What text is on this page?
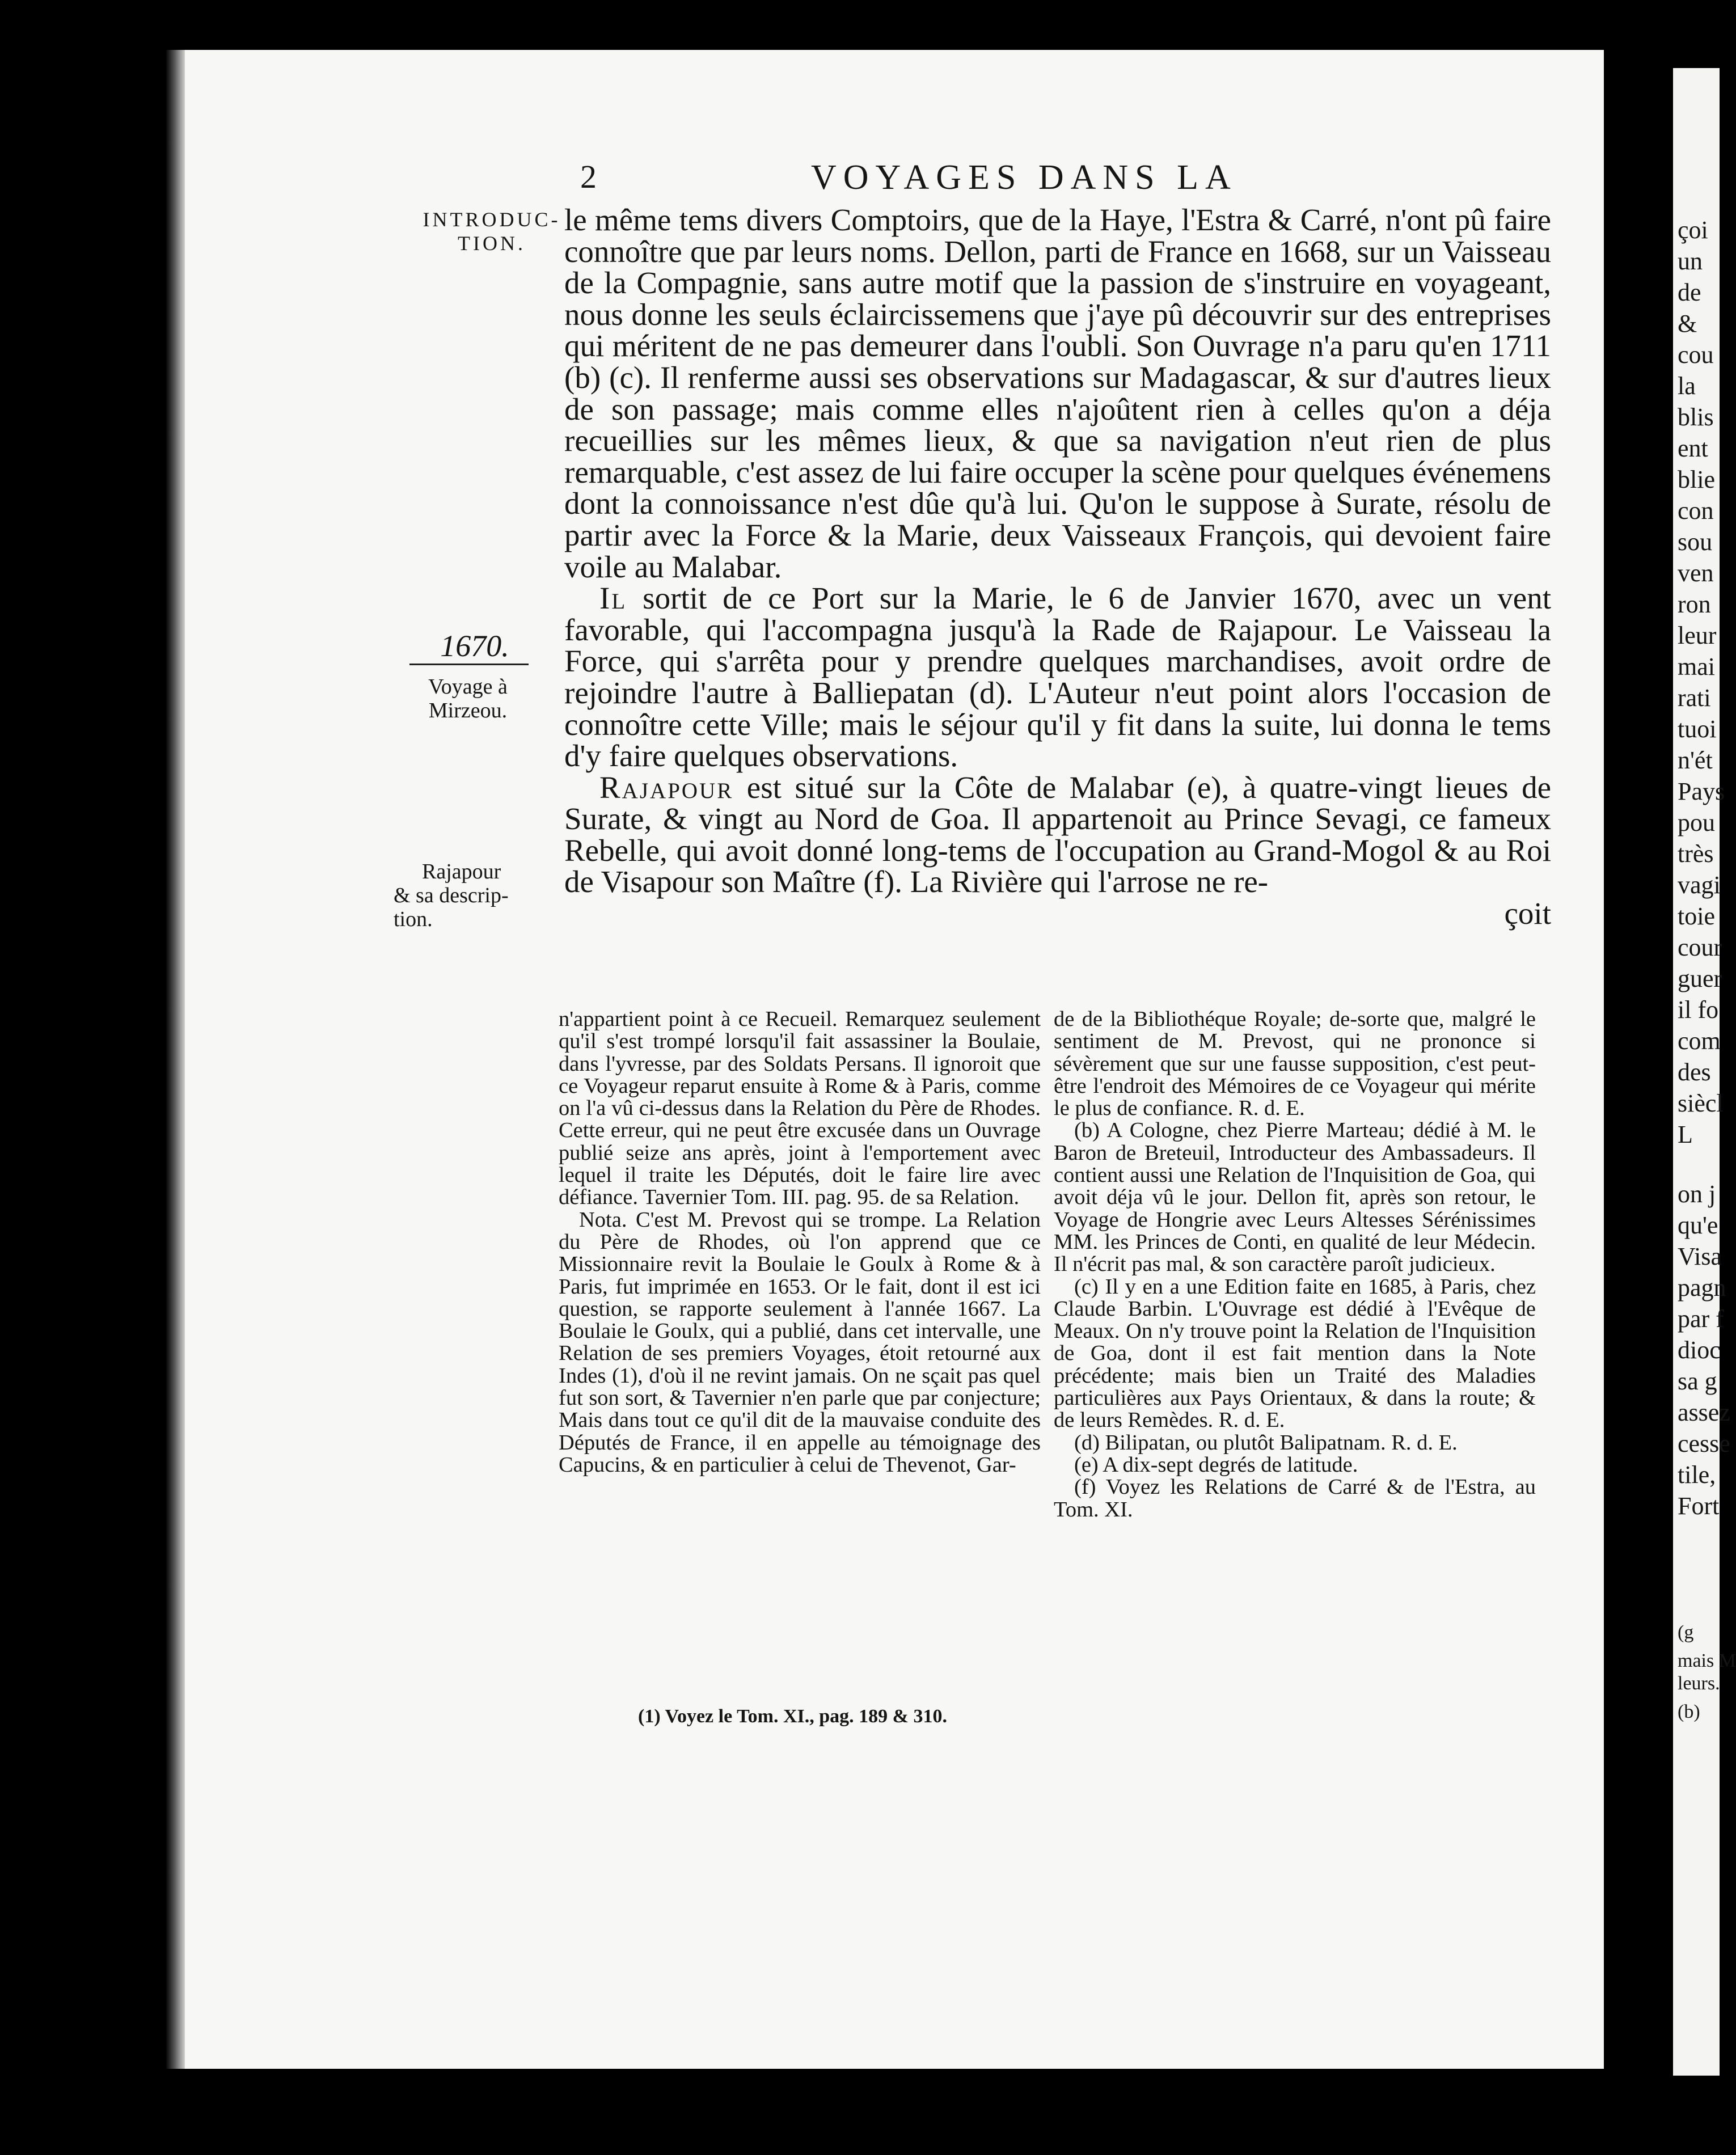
çoi
un
de
&
cou
la
blis
ent
blie
con
sou
ven
ron
leur
mai
rati
tuoi
n'ét
Pays
pou
très
vagi
toie
cour
guer
il fo
com
des
siècl
L
on j
qu'e
Visa
pagn
par f
dioc
sa g
assez
cesse
tile,
Fort
(g
mais M
leurs.
(b)
2	VOYAGES DANS LA
INTRODUC-
TION.
1670.
Voyage à
Mirzeou.
Rajapour
& sa descrip-
tion.

le même tems divers Comptoirs, que de la Haye, l'Estra & Carré, n'ont pû faire connoître que par leurs noms. Dellon, parti de France en 1668, sur un Vaisseau de la Compagnie, sans autre motif que la passion de s'instruire en voyageant, nous donne les seuls éclaircissemens que j'aye pû découvrir sur des entreprises qui méritent de ne pas demeurer dans l'oubli. Son Ouvrage n'a paru qu'en 1711 (b) (c). Il renferme aussi ses observations sur Madagascar, & sur d'autres lieux de son passage; mais comme elles n'ajoûtent rien à celles qu'on a déja recueillies sur les mêmes lieux, & que sa navigation n'eut rien de plus remarquable, c'est assez de lui faire occuper la scène pour quelques événemens dont la connoissance n'est dûe qu'à lui. Qu'on le suppose à Surate, résolu de partir avec la Force & la Marie, deux Vaisseaux François, qui devoient faire voile au Malabar.

Il sortit de ce Port sur la Marie, le 6 de Janvier 1670, avec un vent favorable, qui l'accompagna jusqu'à la Rade de Rajapour. Le Vaisseau la Force, qui s'arrêta pour y prendre quelques marchandises, avoit ordre de rejoindre l'autre à Balliepatan (d). L'Auteur n'eut point alors l'occasion de connoître cette Ville; mais le séjour qu'il y fit dans la suite, lui donna le tems d'y faire quelques observations.

Rajapour est situé sur la Côte de Malabar (e), à quatre-vingt lieues de Surate, & vingt au Nord de Goa. Il appartenoit au Prince Sevagi, ce fameux Rebelle, qui avoit donné long-tems de l'occupation au Grand-Mogol & au Roi de Visapour son Maître (f). La Rivière qui l'arrose ne re-

çoit

n'appartient point à ce Recueil. Remarquez seulement qu'il s'est trompé lorsqu'il fait assassiner la Boulaie, dans l'yvresse, par des Soldats Persans. Il ignoroit que ce Voyageur reparut ensuite à Rome & à Paris, comme on l'a vû ci-dessus dans la Relation du Père de Rhodes. Cette erreur, qui ne peut être excusée dans un Ouvrage publié seize ans après, joint à l'emportement avec lequel il traite les Députés, doit le faire lire avec défiance. Tavernier Tom. III. pag. 95. de sa Relation.

Nota. C'est M. Prevost qui se trompe. La Relation du Père de Rhodes, où l'on apprend que ce Missionnaire revit la Boulaie le Goulx à Rome & à Paris, fut imprimée en 1653. Or le fait, dont il est ici question, se rapporte seulement à l'année 1667. La Boulaie le Goulx, qui a publié, dans cet intervalle, une Relation de ses premiers Voyages, étoit retourné aux Indes (1), d'où il ne revint jamais. On ne sçait pas quel fut son sort, & Tavernier n'en parle que par conjecture; Mais dans tout ce qu'il dit de la mauvaise conduite des Députés de France, il en appelle au témoignage des Capucins, & en particulier à celui de Thevenot, Gar-

de de la Bibliothéque Royale; de-sorte que, malgré le sentiment de M. Prevost, qui ne prononce si sévèrement que sur une fausse supposition, c'est peut-être l'endroit des Mémoires de ce Voyageur qui mérite le plus de confiance. R. d. E.

(b) A Cologne, chez Pierre Marteau; dédié à M. le Baron de Breteuil, Introducteur des Ambassadeurs. Il contient aussi une Relation de l'Inquisition de Goa, qui avoit déja vû le jour. Dellon fit, après son retour, le Voyage de Hongrie avec Leurs Altesses Sérénissimes MM. les Princes de Conti, en qualité de leur Médecin. Il n'écrit pas mal, & son caractère paroît judicieux.

(c) Il y en a une Edition faite en 1685, à Paris, chez Claude Barbin. L'Ouvrage est dédié à l'Evêque de Meaux. On n'y trouve point la Relation de l'Inquisition de Goa, dont il est fait mention dans la Note précédente; mais bien un Traité des Maladies particulières aux Pays Orientaux, & dans la route; & de leurs Remèdes. R. d. E.

(d) Bilipatan, ou plutôt Balipatnam. R. d. E.

(e) A dix-sept degrés de latitude.

(f) Voyez les Relations de Carré & de l'Estra, au Tom. XI.

(1) Voyez le Tom. XI., pag. 189 & 310.
